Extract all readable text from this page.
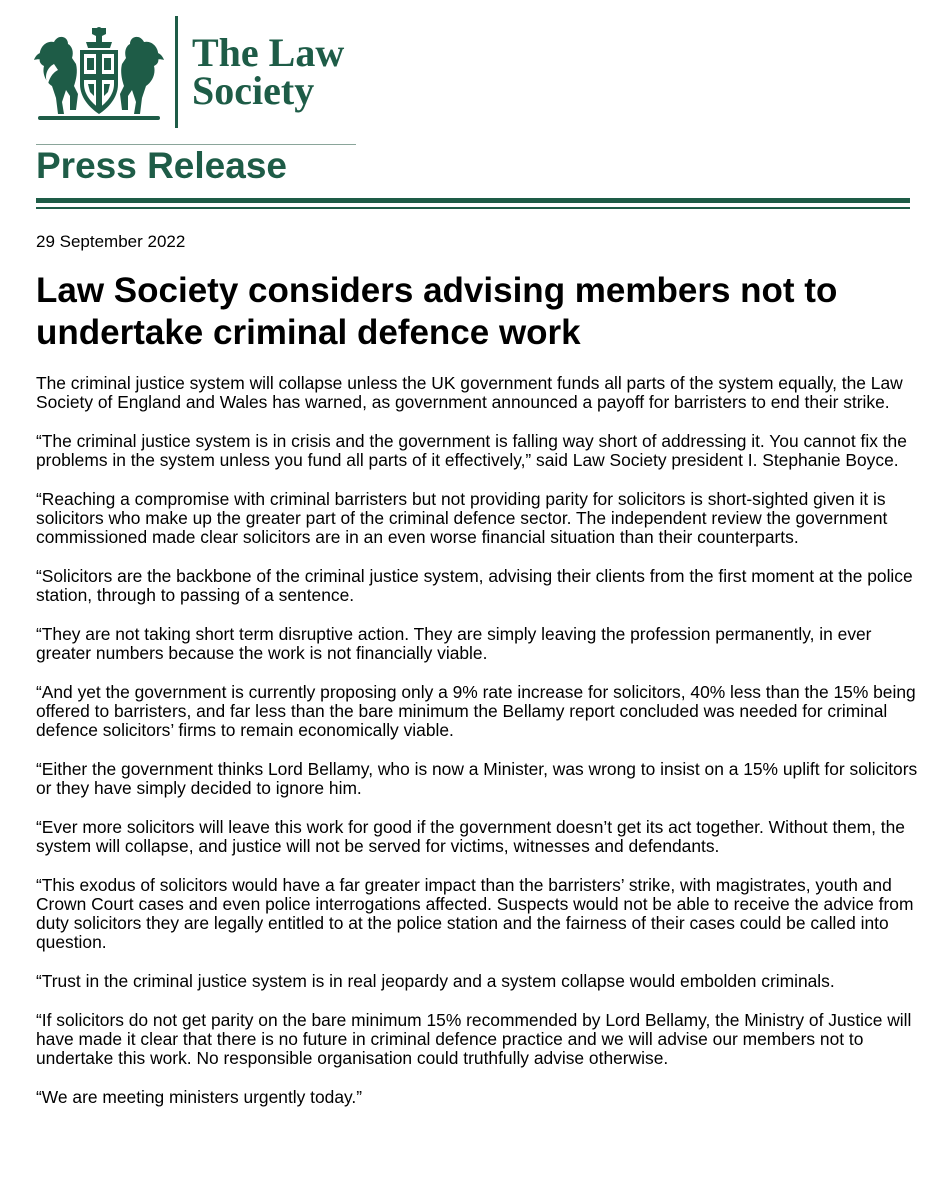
The Law
Society
Press Release
29 September 2022
Law Society considers advising members not to undertake criminal defence work

The criminal justice system will collapse unless the UK government funds all parts of the system equally, the Law Society of England and Wales has warned, as government announced a payoff for barristers to end their strike.

“The criminal justice system is in crisis and the government is falling way short of addressing it. You cannot fix the problems in the system unless you fund all parts of it effectively,” said Law Society president I. Stephanie Boyce.

“Reaching a compromise with criminal barristers but not providing parity for solicitors is short-sighted given it is solicitors who make up the greater part of the criminal defence sector. The independent review the government commissioned made clear solicitors are in an even worse financial situation than their counterparts.

“Solicitors are the backbone of the criminal justice system, advising their clients from the first moment at the police station, through to passing of a sentence.

“They are not taking short term disruptive action. They are simply leaving the profession permanently, in ever greater numbers because the work is not financially viable.

“And yet the government is currently proposing only a 9% rate increase for solicitors, 40% less than the 15% being offered to barristers, and far less than the bare minimum the Bellamy report concluded was needed for criminal defence solicitors’ firms to remain economically viable.

“Either the government thinks Lord Bellamy, who is now a Minister, was wrong to insist on a 15% uplift for solicitors or they have simply decided to ignore him.

“Ever more solicitors will leave this work for good if the government doesn’t get its act together. Without them, the system will collapse, and justice will not be served for victims, witnesses and defendants.

“This exodus of solicitors would have a far greater impact than the barristers’ strike, with magistrates, youth and Crown Court cases and even police interrogations affected. Suspects would not be able to receive the advice from duty solicitors they are legally entitled to at the police station and the fairness of their cases could be called into question.

“Trust in the criminal justice system is in real jeopardy and a system collapse would embolden criminals.

“If solicitors do not get parity on the bare minimum 15% recommended by Lord Bellamy, the Ministry of Justice will have made it clear that there is no future in criminal defence practice and we will advise our members not to undertake this work. No responsible organisation could truthfully advise otherwise.

“We are meeting ministers urgently today.”
